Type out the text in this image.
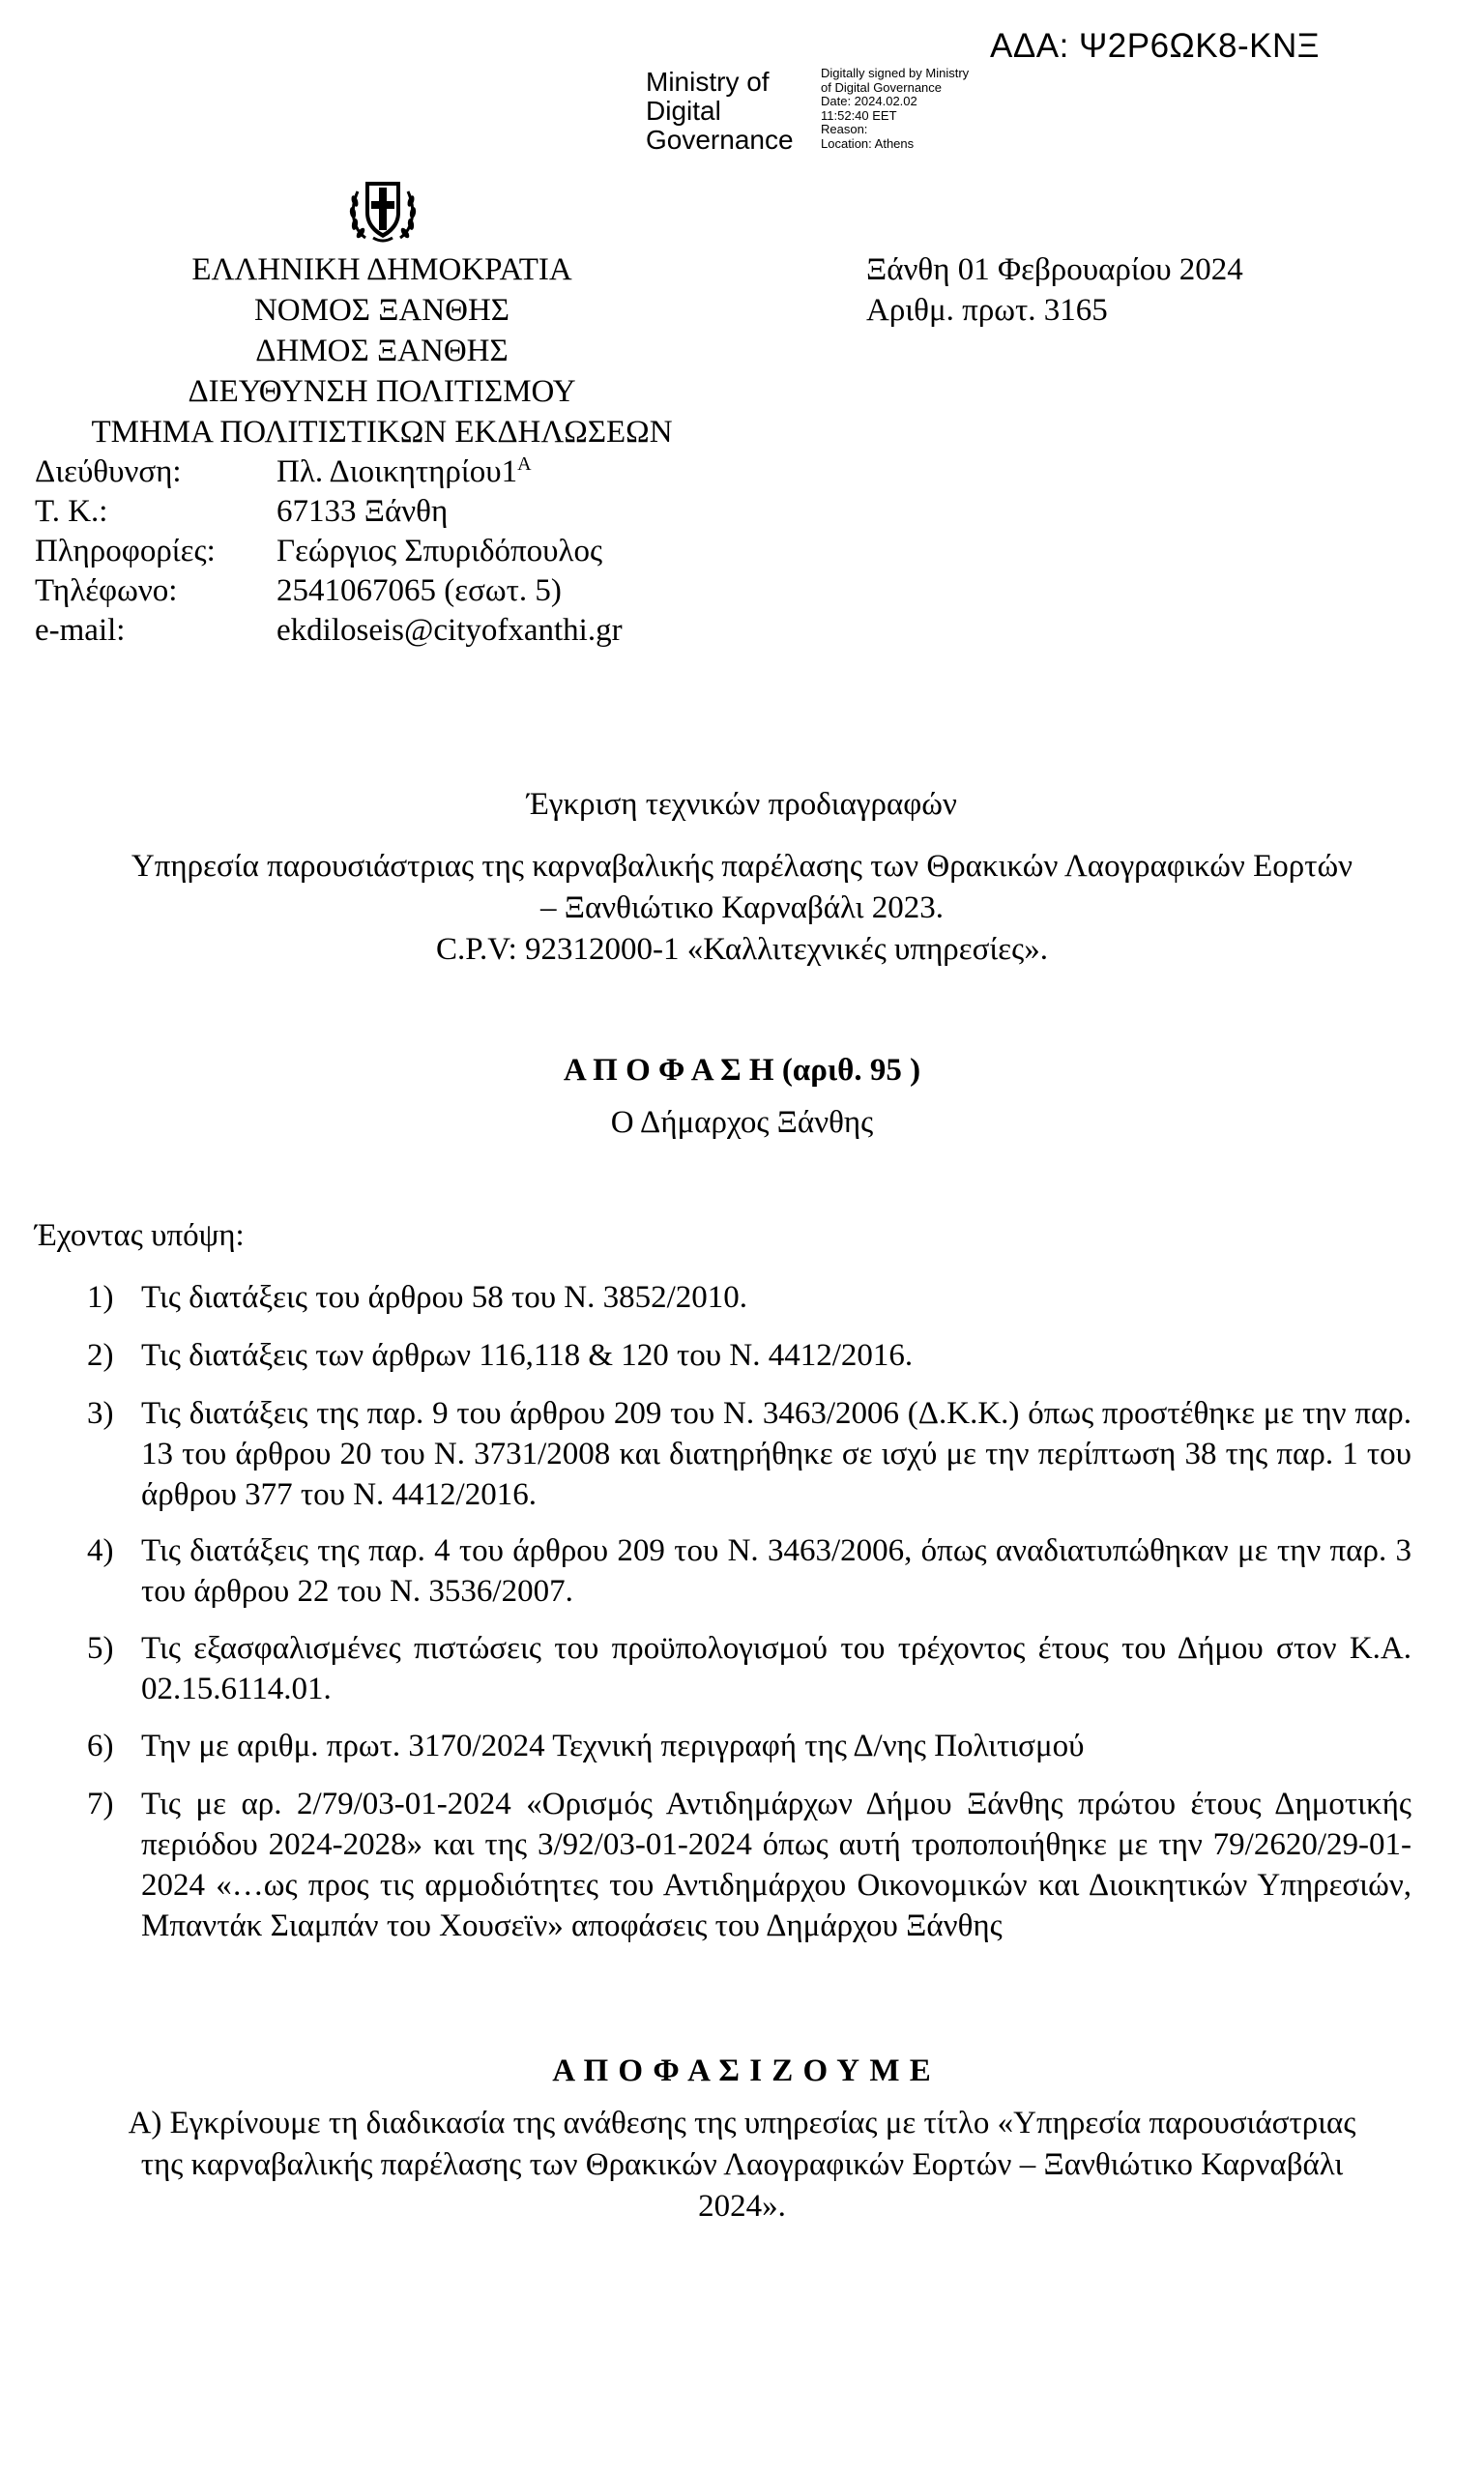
ΑΔΑ: Ψ2Ρ6ΩΚ8-ΚΝΞ
Ministry of
Digital
Governance
Digitally signed by Ministry
of Digital Governance
Date: 2024.02.02
11:52:40 EET
Reason:
Location: Athens
ΕΛΛΗΝΙΚΗ ΔΗΜΟΚΡΑΤΙΑ
ΝΟΜΟΣ ΞΑΝΘΗΣ
ΔΗΜΟΣ ΞΑΝΘΗΣ
ΔΙΕΥΘΥΝΣΗ ΠΟΛΙΤΙΣΜΟΥ
ΤΜΗΜΑ ΠΟΛΙΤΙΣΤΙΚΩΝ ΕΚΔΗΛΩΣΕΩΝ
Ξάνθη 01 Φεβρουαρίου 2024
Αριθμ. πρωτ. 3165
Διεύθυνση:	Πλ. $\Delta\iota o\iota\kappa\eta\tau\eta\rho ίo\upsilon 1^A$
Τ. Κ.:	67133 Ξάνθη
Πληροφορίες:	Γεώργιος Σπυριδόπουλος
Τηλέφωνο:	2541067065 (εσωτ. 5)
e-mail:	ekdiloseis@cityofxanthi.gr
Έγκριση τεχνικών προδιαγραφών
Υπηρεσία παρουσιάστριας της καρναβαλικής παρέλασης των Θρακικών Λαογραφικών Εορτών
– Ξανθιώτικο Καρναβάλι 2023.
C.P.V: 92312000-1 «Καλλιτεχνικές υπηρεσίες».
Α Π Ο Φ Α Σ Η (αριθ. 95 )
Ο Δήμαρχος Ξάνθης
Έχοντας υπόψη:
1) Τις διατάξεις του άρθρου 58 του Ν. 3852/2010.
2) Τις διατάξεις των άρθρων 116,118 & 120 του Ν. 4412/2016.
3) Τις διατάξεις της παρ. 9 του άρθρου 209 του Ν. 3463/2006 (Δ.Κ.Κ.) όπως προστέθηκε με την παρ. 13 του άρθρου 20 του Ν. 3731/2008 και διατηρήθηκε σε ισχύ με την περίπτωση 38 της παρ. 1 του άρθρου 377 του Ν. 4412/2016.
4) Τις διατάξεις της παρ. 4 του άρθρου 209 του Ν. 3463/2006, όπως αναδιατυπώθηκαν με την παρ. 3 του άρθρου 22 του Ν. 3536/2007.
5) Τις εξασφαλισμένες πιστώσεις του προϋπολογισμού του τρέχοντος έτους του Δήμου στον Κ.Α. 02.15.6114.01.
6) Την με αριθμ. πρωτ. 3170/2024 Τεχνική περιγραφή της Δ/νης Πολιτισμού
7) Τις με αρ. 2/79/03-01-2024 «Ορισμός Αντιδημάρχων Δήμου Ξάνθης πρώτου έτους Δημοτικής περιόδου 2024-2028» και της 3/92/03-01-2024 όπως αυτή τροποποιήθηκε με την 79/2620/29-01-2024 «…ως προς τις αρμοδιότητες του Αντιδημάρχου Οικονομικών και Διοικητικών Υπηρεσιών, Μπαντάκ Σιαμπάν του Χουσεϊν» αποφάσεις του Δημάρχου Ξάνθης
Α Π Ο Φ Α Σ Ι Ζ Ο Υ Μ Ε
Α) Εγκρίνουμε τη διαδικασία της ανάθεσης της υπηρεσίας με τίτλο «Υπηρεσία παρουσιάστριας
της καρναβαλικής παρέλασης των Θρακικών Λαογραφικών Εορτών – Ξανθιώτικο Καρναβάλι
2024».
